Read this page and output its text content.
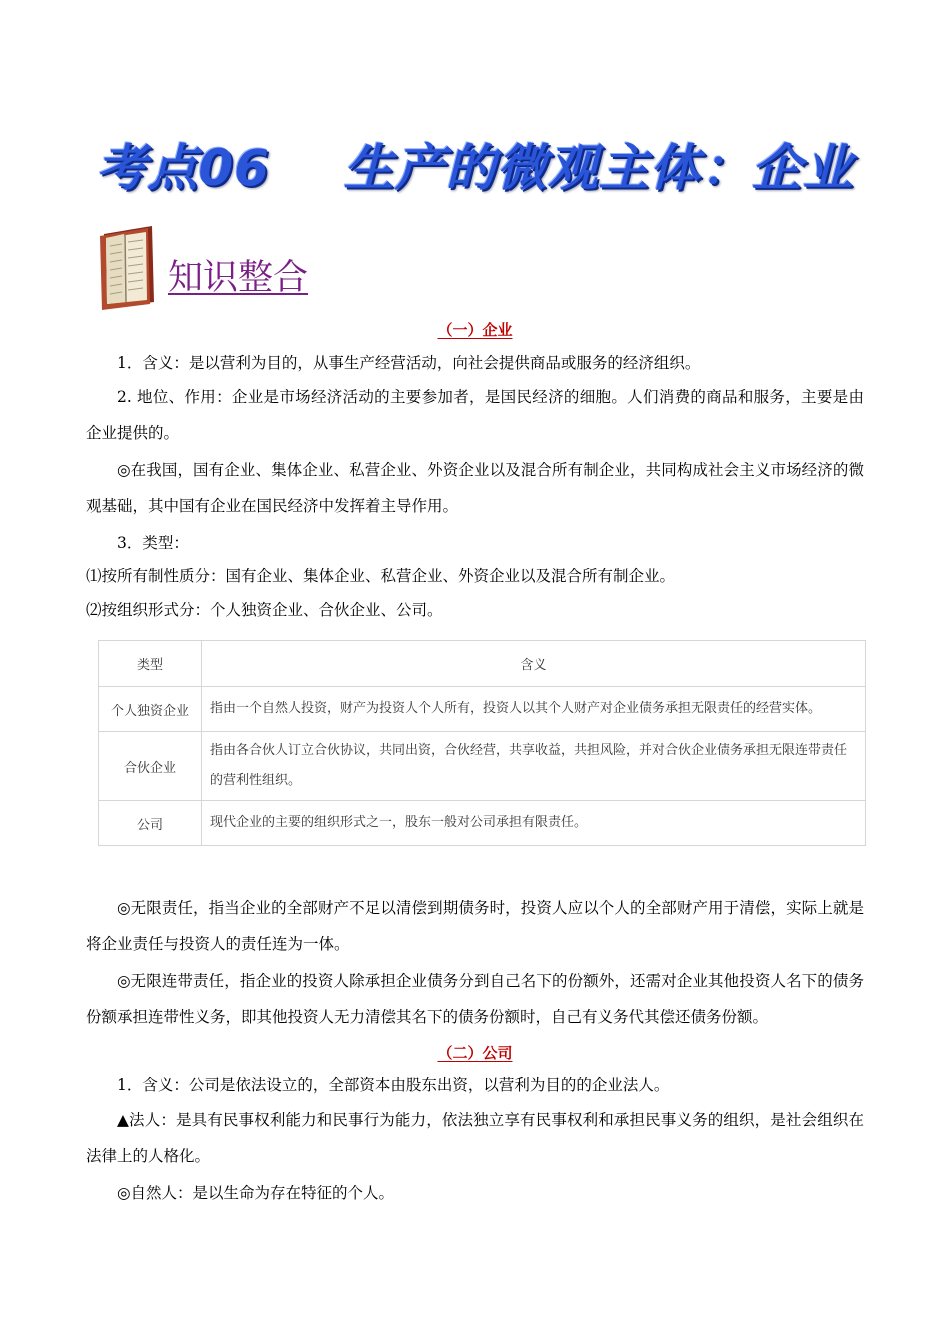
考点06    生产的微观主体：企业
知识整合
（一）企业

1．含义：是以营利为目的，从事生产经营活动，向社会提供商品或服务的经济组织。

2. 地位、作用：企业是市场经济活动的主要参加者，是国民经济的细胞。人们消费的商品和服务，主要是由企业提供的。

◎在我国，国有企业、集体企业、私营企业、外资企业以及混合所有制企业，共同构成社会主义市场经济的微观基础，其中国有企业在国民经济中发挥着主导作用。

3．类型：

⑴按所有制性质分：国有企业、集体企业、私营企业、外资企业以及混合所有制企业。

⑵按组织形式分：个人独资企业、合伙企业、公司。

类型	含义
个人独资企业	指由一个自然人投资，财产为投资人个人所有，投资人以其个人财产对企业债务承担无限责任的经营实体。
合伙企业	指由各合伙人订立合伙协议，共同出资，合伙经营，共享收益，共担风险，并对合伙企业债务承担无限连带责任的营利性组织。
公司	现代企业的主要的组织形式之一，股东一般对公司承担有限责任。

◎无限责任，指当企业的全部财产不足以清偿到期债务时，投资人应以个人的全部财产用于清偿，实际上就是将企业责任与投资人的责任连为一体。

◎无限连带责任，指企业的投资人除承担企业债务分到自己名下的份额外，还需对企业其他投资人名下的债务份额承担连带性义务，即其他投资人无力清偿其名下的债务份额时，自己有义务代其偿还债务份额。

（二）公司

1．含义：公司是依法设立的，全部资本由股东出资，以营利为目的的企业法人。

▲法人：是具有民事权利能力和民事行为能力，依法独立享有民事权利和承担民事义务的组织，是社会组织在法律上的人格化。

◎自然人：是以生命为存在特征的个人。
